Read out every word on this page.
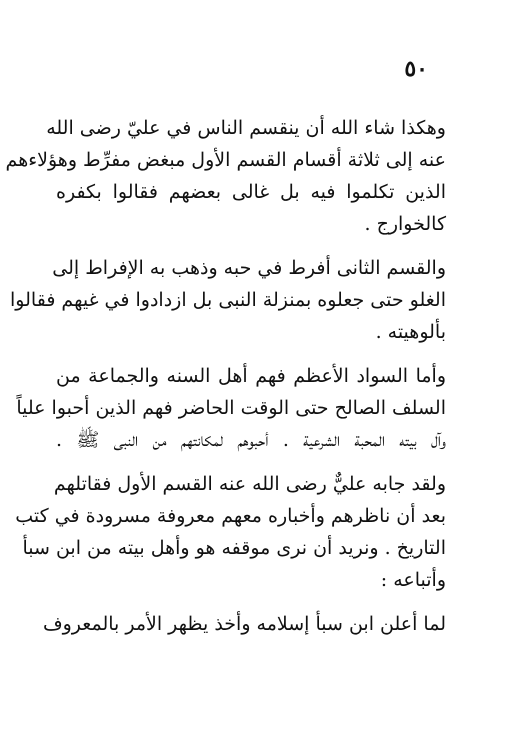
٥٠
وهكذا شاء الله أن ينقسم الناس في عليّ رضى الله
عنه إلى ثلاثة أقسام القسم الأول مبغض مفرِّط وهؤلاءهم
الذين تكلموا فيه بل غالى بعضهم فقالوا بكفره
كالخوارج .
والقسم الثانى أفرط في حبه وذهب به الإفراط إلى
الغلو حتى جعلوه بمنزلة النبى بل ازدادوا في غيهم فقالوا
بألوهيته .
وأما السواد الأعظم فهم أهل السنه والجماعة من
السلف الصالح حتى الوقت الحاضر فهم الذين أحبوا علياً
وآل بيته المحبة الشرعية . أحبوهم لمكانتهم من النبى ﷺ .
ولقد جابه عليٌّ رضى الله عنه القسم الأول فقاتلهم
بعد أن ناظرهم وأخباره معهم معروفة مسرودة في كتب
التاريخ . ونريد أن نرى موقفه هو وأهل بيته من ابن سبأ
وأتباعه :
لما أعلن ابن سبأ إسلامه وأخذ يظهر الأمر بالمعروف
